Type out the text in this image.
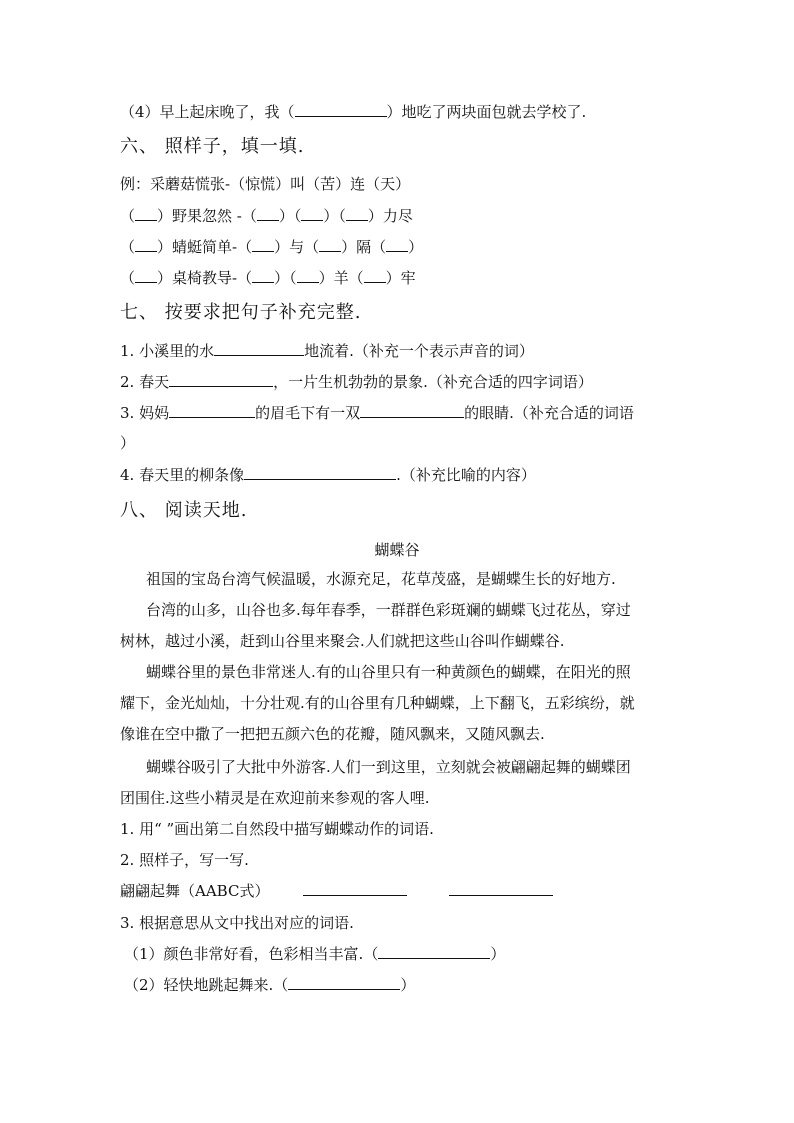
（4）早上起床晚了，我（	）地吃了两块面包就去学校了.
六、 照样子，填一填.
例：采蘑菇慌张-（惊慌）叫（苦）连（天）
（ ）野果忽然 -（ ）（ ）（ ）力尽
（ ）蜻蜓简单-（ ）与（ ）隔（ ）
（ ）桌椅教导-（ ）（ ）羊（ ）牢
七、 按要求把句子补充完整.
1. 小溪里的水	地流着.（补充一个表示声音的词）
2. 春天	，一片生机勃勃的景象.（补充合适的四字词语）
3. 妈妈	的眉毛下有一双	的眼睛.（补充合适的词语
）
4. 春天里的柳条像	.（补充比喻的内容）
八、 阅读天地.
蝴蝶谷
祖国的宝岛台湾气候温暖，水源充足，花草茂盛，是蝴蝶生长的好地方.
台湾的山多，山谷也多.每年春季，一群群色彩斑斓的蝴蝶飞过花丛，穿过
树林，越过小溪，赶到山谷里来聚会.人们就把这些山谷叫作蝴蝶谷.
蝴蝶谷里的景色非常迷人.有的山谷里只有一种黄颜色的蝴蝶，在阳光的照
耀下，金光灿灿，十分壮观.有的山谷里有几种蝴蝶，上下翻飞，五彩缤纷，就
像谁在空中撒了一把把五颜六色的花瓣，随风飘来，又随风飘去.
蝴蝶谷吸引了大批中外游客.人们一到这里，立刻就会被翩翩起舞的蝴蝶团
团围住.这些小精灵是在欢迎前来参观的客人哩.
1. 用“ ”画出第二自然段中描写蝴蝶动作的词语.
2. 照样子，写一写.
翩翩起舞（AABC式）
3. 根据意思从文中找出对应的词语.
（1）颜色非常好看，色彩相当丰富.（	）
（2）轻快地跳起舞来.（	）
